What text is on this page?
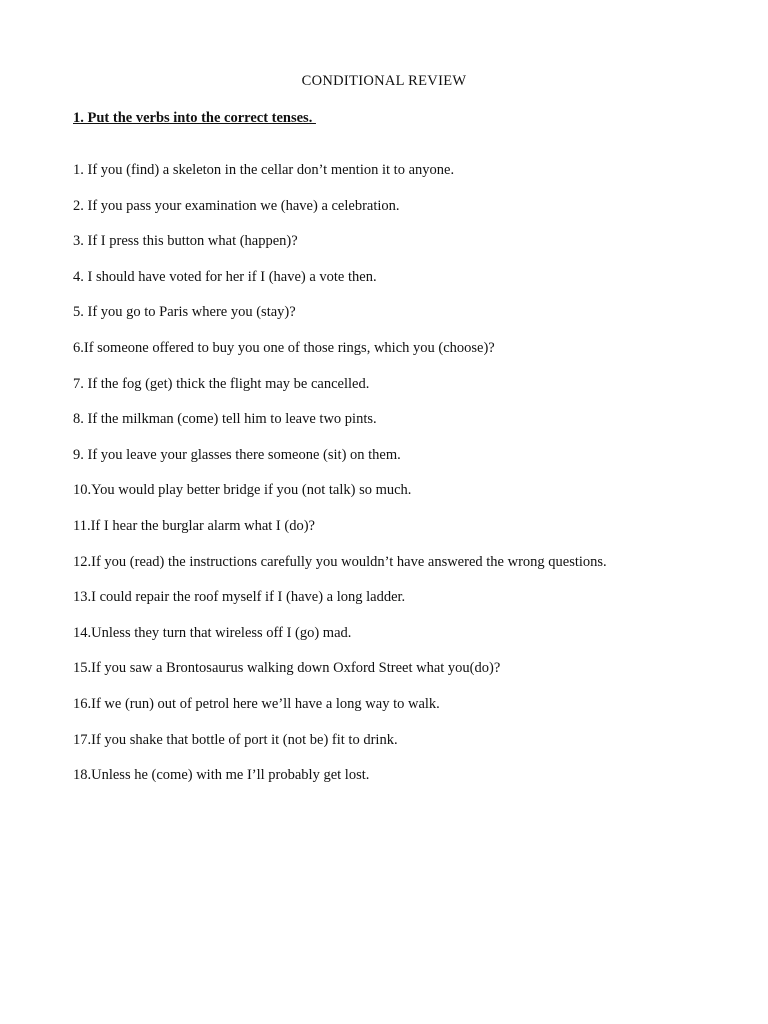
CONDITIONAL REVIEW
1. Put the verbs into the correct tenses.
1. If you (find) a skeleton in the cellar don’t mention it to anyone.
2. If you pass your examination we (have) a celebration.
3. If I press this button what (happen)?
4. I should have voted for her if I (have) a vote then.
5. If you go to Paris where you (stay)?
6.If someone offered to buy you one of those rings, which you (choose)?
7. If the fog (get) thick the flight may be cancelled.
8. If the milkman (come) tell him to leave two pints.
9. If you leave your glasses there someone (sit) on them.
10.You would play better bridge if you (not talk) so much.
11.If I hear the burglar alarm what I (do)?
12.If you (read) the instructions carefully you wouldn’t have answered the wrong questions.
13.I could repair the roof myself if I (have) a long ladder.
14.Unless they turn that wireless off I (go) mad.
15.If you saw a Brontosaurus walking down Oxford Street what you(do)?
16.If we (run) out of petrol here we’ll have a long way to walk.
17.If you shake that bottle of port it (not be) fit to drink.
18.Unless he (come) with me I’ll probably get lost.
